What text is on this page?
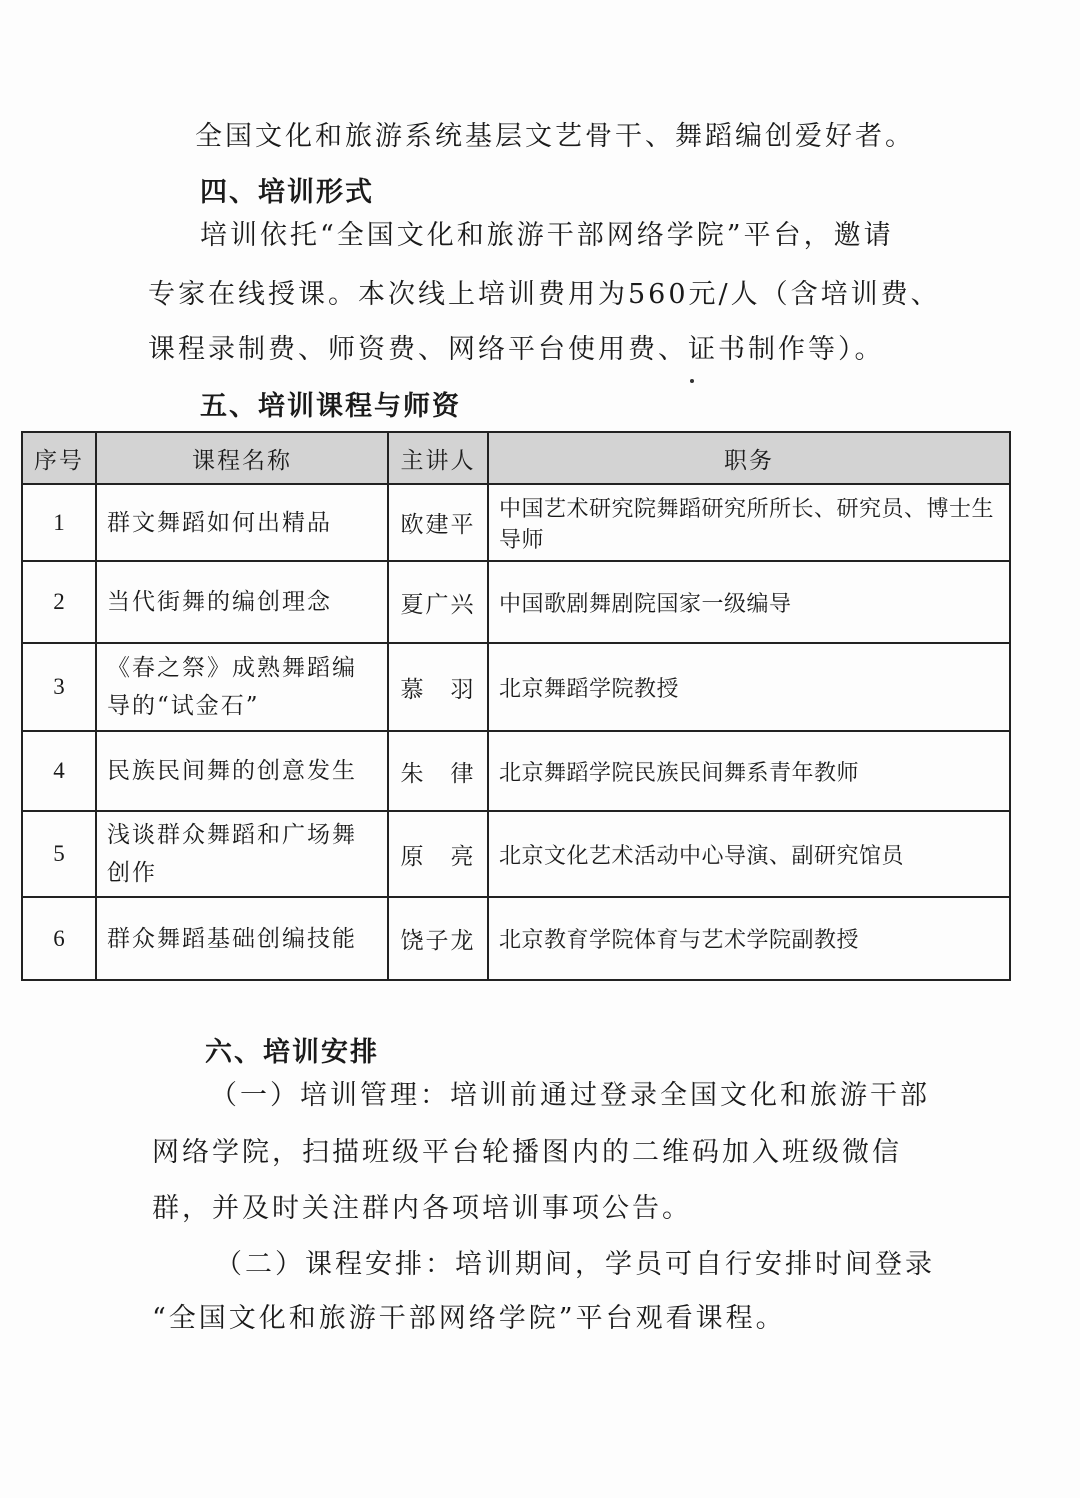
全国文化和旅游系统基层文艺骨干、舞蹈编创爱好者。
四、培训形式
培训依托“全国文化和旅游干部网络学院”平台，邀请
专家在线授课。本次线上培训费用为560元/人（含培训费、
课程录制费、师资费、网络平台使用费、证书制作等）。
五、培训课程与师资
序号	课程名称	主讲人	职务
1	群文舞蹈如何出精品	欧建平	中国艺术研究院舞蹈研究所所长、研究员、博士生导师
2	当代街舞的编创理念	夏广兴	中国歌剧舞剧院国家一级编导
3	《春之祭》成熟舞蹈编导的“试金石”	慕　羽	北京舞蹈学院教授
4	民族民间舞的创意发生	朱　律	北京舞蹈学院民族民间舞系青年教师
5	浅谈群众舞蹈和广场舞创作	原　亮	北京文化艺术活动中心导演、副研究馆员
6	群众舞蹈基础创编技能	饶子龙	北京教育学院体育与艺术学院副教授
六、培训安排
（一）培训管理：培训前通过登录全国文化和旅游干部
网络学院，扫描班级平台轮播图内的二维码加入班级微信
群，并及时关注群内各项培训事项公告。
（二）课程安排：培训期间，学员可自行安排时间登录
“全国文化和旅游干部网络学院”平台观看课程。
